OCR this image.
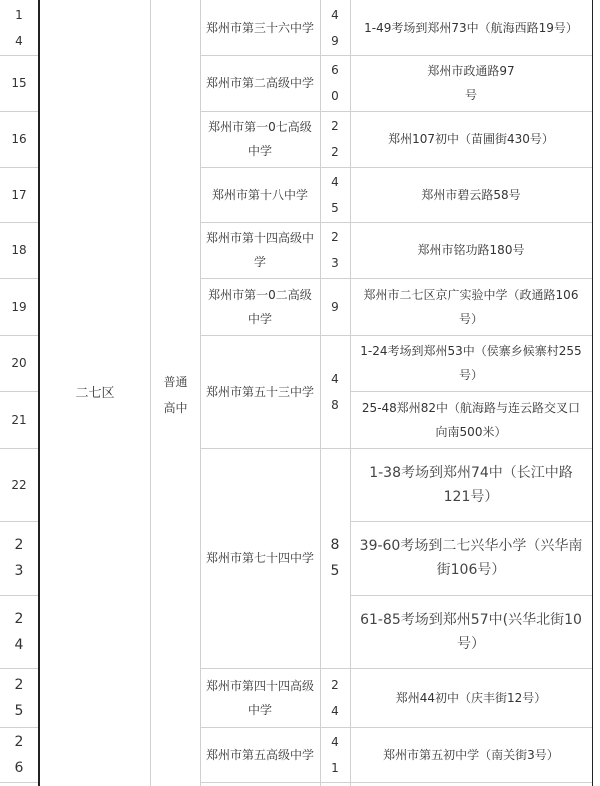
二七区
普通高中
14
郑州市第三十六中学
49
1-49考场到郑州73中（航海西路19号）
15	郑州市第二高级中学
60
郑州市政通路97号
16
郑州市第一0七高级中学
22
郑州107初中（苗圃街430号）
17	郑州市第十八中学
45
郑州市碧云路58号
18
郑州市第十四高级中学
23
郑州市铭功路180号
19
郑州市第一0二高级中学
9
郑州市二七区京广实验中学（政通路106号）
20
21
郑州市第五十三中学
48
1-24考场到郑州53中（侯寨乡候寨村255号）
25-48郑州82中（航海路与连云路交叉口向南500米）
22
23
24
郑州市第七十四中学
85
1-38考场到郑州74中（长江中路121号）
39-60考场到二七兴华小学（兴华南街106号）
61-85考场到郑州57中(兴华北街10号）
25
郑州市第四十四高级中学
24
郑州44初中（庆丰街12号）
26
郑州市第五高级中学
41
郑州市第五初中学（南关街3号）
